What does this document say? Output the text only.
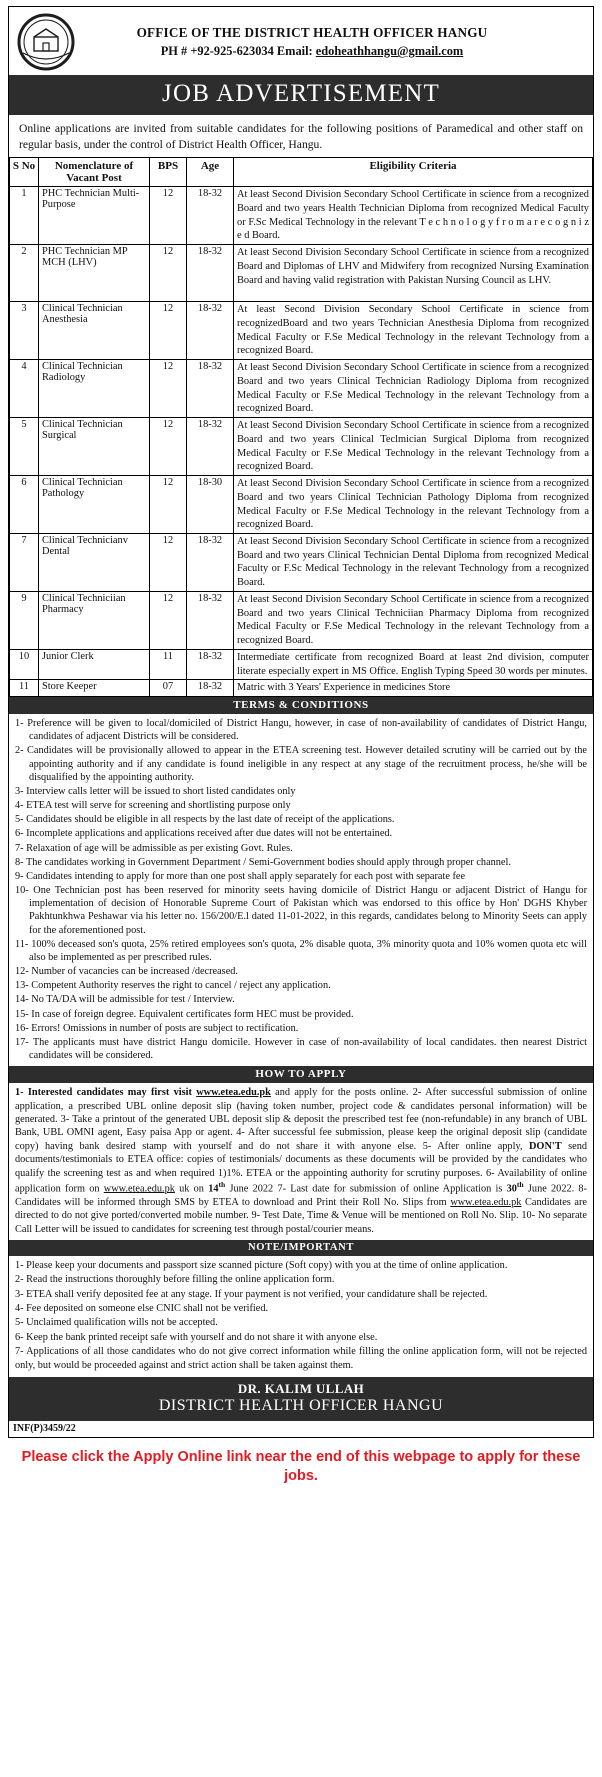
OFFICE OF THE DISTRICT HEALTH OFFICER HANGU
PH # +92-925-623034 Email: edoheathhangu@gmail.com
JOB ADVERTISEMENT
Online applications are invited from suitable candidates for the following positions of Paramedical and other staff on regular basis, under the control of District Health Officer, Hangu.
S No	Nomenclature of Vacant Post	BPS	Age	Eligibility Criteria
1	PHC Technician Multi-Purpose	12	18-32	At least Second Division Secondary School Certificate in science from a recognized Board and two years Health Technician Diploma from recognized Medical Faculty or F.Sc Medical Technology in the relevant T e c h n o l o g y f r o m a r e c o g n i z e d Board.
2	PHC Technician MP MCH (LHV)	12	18-32	At least Second Division Secondary School Certificate in science from a recognized Board and Diplomas of LHV and Midwifery from recognized Nursing Examination Board and having valid registration with Pakistan Nursing Council as LHV.
3	Clinical Technician Anesthesia	12	18-32	At least Second Division Secondary School Certificate in science from recognizedBoard and two years Technician Anesthesia Diploma from recognized Medical Faculty or F.Se Medical Technology in the relevant Technology from a recognized Board.
4	Clinical Technician Radiology	12	18-32	At least Second Division Secondary School Certificate in science from a recognized Board and two years Clinical Technician Radiology Diploma from recognized Medical Faculty or F.Se Medical Technology in the relevant Technology from a recognized Board.
5	Clinical Technician Surgical	12	18-32	At least Second Division Secondary School Certificate in science from a recognized Board and two years Clinical Teclmician Surgical Diploma from recognized Medical Faculty or F.Se Medical Technology in the relevant Technology from a recognized Board.
6	Clinical Technician Pathology	12	18-30	At least Second Division Secondary School Certificate in science from a recognized Board and two years Clinical Technician Pathology Diploma from recognized Medical Faculty or F.Se Medical Technology in the relevant Technology from a recognized Board.
7	Clinical Technicianv Dental	12	18-32	At least Second Division Secondary School Certificate in science from a recognized Board and two years Clinical Technician Dental Diploma from recognized Medical Faculty or F.Sc Medical Technology in the relevant Technology from a recognized Board.
9	Clinical Techniciian Pharmacy	12	18-32	At least Second Division Secondary School Certificate in science from a recognized Board and two years Clinical Techniciian Pharmacy Diploma from recognized Medical Faculty or F.Se Medical Technology in the relevant Technology from a recognized Board.
10	Junior Clerk	11	18-32	Intermediate certificate from recognized Board at least 2nd division, computer literate especially expert in MS Office. English Typing Speed 30 words per minutes.
11	Store Keeper	07	18-32	Matric with 3 Years' Experience in medicines Store
TERMS & CONDITIONS

1- Preference will be given to local/domiciled of District Hangu, however, in case of non-availability of candidates of District Hangu, candidates of adjacent Districts will be considered.

2- Candidates will be provisionally allowed to appear in the ETEA screening test. However detailed scrutiny will be carried out by the appointing authority and if any candidate is found ineligible in any respect at any stage of the recruitment process, he/she will be disqualified by the appointing authority.

3- Interview calls letter will be issued to short listed candidates only

4- ETEA test will serve for screening and shortlisting purpose only

5- Candidates should be eligible in all respects by the last date of receipt of the applications.

6- Incomplete applications and applications received after due dates will not be entertained.

7- Relaxation of age will be admissible as per existing Govt. Rules.

8- The candidates working in Government Department / Semi-Government bodies should apply through proper channel.

9- Candidates intending to apply for more than one post shall apply separately for each post with separate fee

10- One Technician post has been reserved for minority seets having domicile of District Hangu or adjacent District of Hangu for implementation of decision of Honorable Supreme Court of Pakistan which was endorsed to this office by Hon' DGHS Khyber Pakhtunkhwa Peshawar via his letter no. 156/200/E.l dated 11-01-2022, in this regards, candidates belong to Minority Seets can apply for the aforementioned post.

11- 100% deceased son's quota, 25% retired employees son's quota, 2% disable quota, 3% minority quota and 10% women quota etc will also be implemented as per prescribed rules.

12- Number of vacancies can be increased /decreased.

13- Competent Authority reserves the right to cancel / reject any application.

14- No TA/DA will be admissible for test / Interview.

15- In case of foreign degree. Equivalent certificates form HEC must be provided.

16- Errors! Omissions in number of posts are subject to rectification.

17- The applicants must have district Hangu domicile. However in case of non-availability of local candidates. then nearest District candidates will be considered.

HOW TO APPLY

1- Interested candidates may first visit www.etea.edu.pk and apply for the posts online. 2- After successful submission of online application, a prescribed UBL online deposit slip (having token number, project code & candidates personal information) will be generated. 3- Take a printout of the generated UBL deposit slip & deposit the prescribed test fee (non-refundable) in any branch of UBL Bank, UBL OMNI agent, Easy paisa App or agent. 4- After successful fee submission, please keep the original deposit slip (candidate copy) having bank desired stamp with yourself and do not share it with anyone else. 5- After online apply, DON'T send documents/testimonials to ETEA office: copies of testimonials/ documents as these documents will be provided by the candidates who qualify the screening test as and when required 1)1%. ETEA or the appointing authority for scrutiny purposes. 6- Availability of online application form on www.etea.edu.pk uk on 14th June 2022 7- Last date for submission of online Application is 30th June 2022. 8- Candidates will be informed through SMS by ETEA to download and Print their Roll No. Slips from www.etea.edu.pk Candidates are directed to do not give ported/converted mobile number. 9- Test Date, Time & Venue will be mentioned on Roll No. Slip. 10- No separate Call Letter will be issued to candidates for screening test through postal/courier means.

NOTE/IMPORTANT

1- Please keep your documents and passport size scanned picture (Soft copy) with you at the time of online application.

2- Read the instructions thoroughly before filling the online application form.

3- ETEA shall verify deposited fee at any stage. If your payment is not verified, your candidature shall be rejected.

4- Fee deposited on someone else CNIC shall not be verified.

5- Unclaimed qualification wills not be accepted.

6- Keep the bank printed receipt safe with yourself and do not share it with anyone else.

7- Applications of all those candidates who do not give correct information while filling the online application form, will not be rejected only, but would be proceeded against and strict action shall be taken against them.

DR. KALIM ULLAH
DISTRICT HEALTH OFFICER HANGU
INF(P)3459/22
Please click the Apply Online link near the end of this webpage to apply for these jobs.
